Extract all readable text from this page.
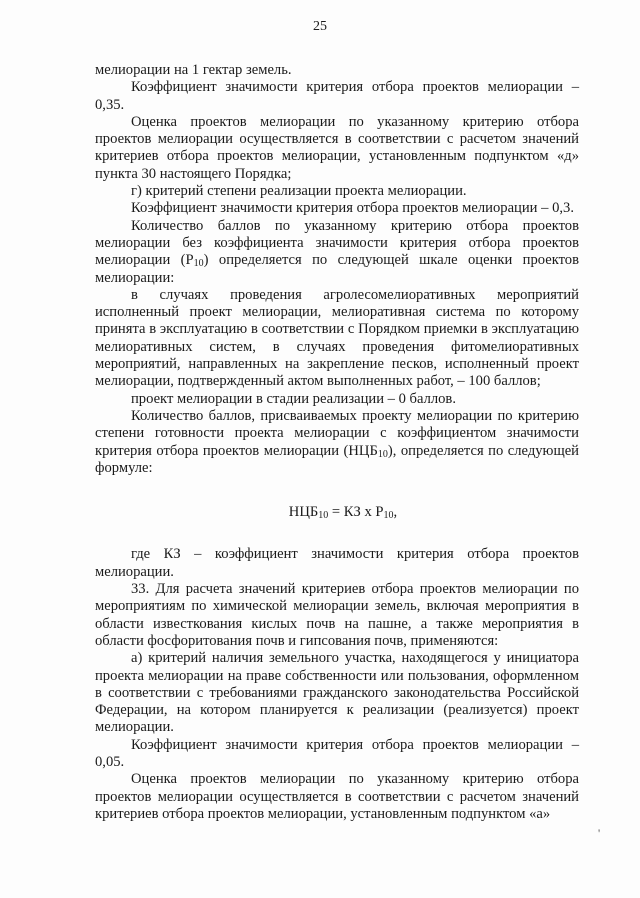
25

мелиорации на 1 гектар земель.

Коэффициент значимости критерия отбора проектов мелиорации – 0,35.

Оценка проектов мелиорации по указанному критерию отбора проектов мелиорации осуществляется в соответствии с расчетом значений критериев отбора проектов мелиорации, установленным подпунктом «д» пункта 30 настоящего Порядка;

г) критерий степени реализации проекта мелиорации.

Коэффициент значимости критерия отбора проектов мелиорации – 0,3.

Количество баллов по указанному критерию отбора проектов мелиорации без коэффициента значимости критерия отбора проектов мелиорации $(Р_{10})$ определяется по следующей шкале оценки проектов мелиорации:

в случаях проведения агролесомелиоративных мероприятий исполненный проект мелиорации, мелиоративная система по которому принята в эксплуатацию в соответствии с Порядком приемки в эксплуатацию мелиоративных систем, в случаях проведения фитомелиоративных мероприятий, направленных на закрепление песков, исполненный проект мелиорации, подтвержденный актом выполненных работ, – 100 баллов;

проект мелиорации в стадии реализации – 0 баллов.

Количество баллов, присваиваемых проекту мелиорации по критерию степени готовности проекта мелиорации с коэффициентом значимости критерия отбора проектов мелиорации $(НЦБ_{10})$, определяется по следующей формуле:

$НЦБ_{10}$ = КЗ х $Р_{10}$,

где КЗ – коэффициент значимости критерия отбора проектов мелиорации.

33. Для расчета значений критериев отбора проектов мелиорации по мероприятиям по химической мелиорации земель, включая мероприятия в области известкования кислых почв на пашне, а также мероприятия в области фосфоритования почв и гипсования почв, применяются:

а) критерий наличия земельного участка, находящегося у инициатора проекта мелиорации на праве собственности или пользования, оформленном в соответствии с требованиями гражданского законодательства Российской Федерации, на котором планируется к реализации (реализуется) проект мелиорации.

Коэффициент значимости критерия отбора проектов мелиорации – 0,05.

Оценка проектов мелиорации по указанному критерию отбора проектов мелиорации осуществляется в соответствии с расчетом значений критериев отбора проектов мелиорации, установленным подпунктом «а»

'
